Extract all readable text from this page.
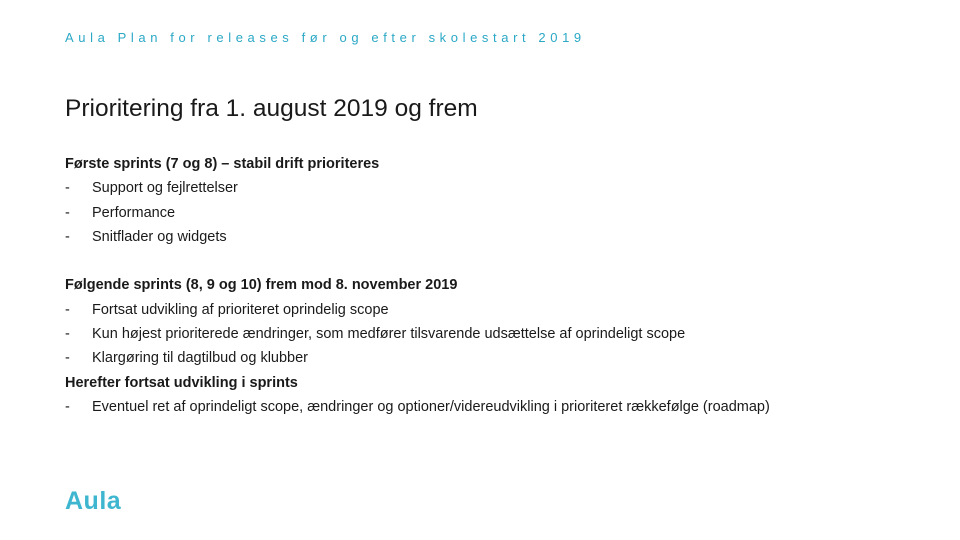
Aula Plan for releases før og efter skolestart 2019
Prioritering fra 1. august 2019 og frem
Første sprints (7 og 8) – stabil drift prioriteres
-	Support og fejlrettelser
-	Performance
-	Snitflader og widgets
Følgende sprints (8, 9 og 10) frem mod 8. november 2019
-	Fortsat udvikling af prioriteret oprindelig scope
-	Kun højest prioriterede ændringer, som medfører tilsvarende udsættelse af oprindeligt scope
-	Klargøring til dagtilbud og klubber
Herefter fortsat udvikling i sprints
-	Eventuel ret af oprindeligt scope, ændringer og optioner/videreudvikling i prioriteret rækkefølge (roadmap)
Aula
